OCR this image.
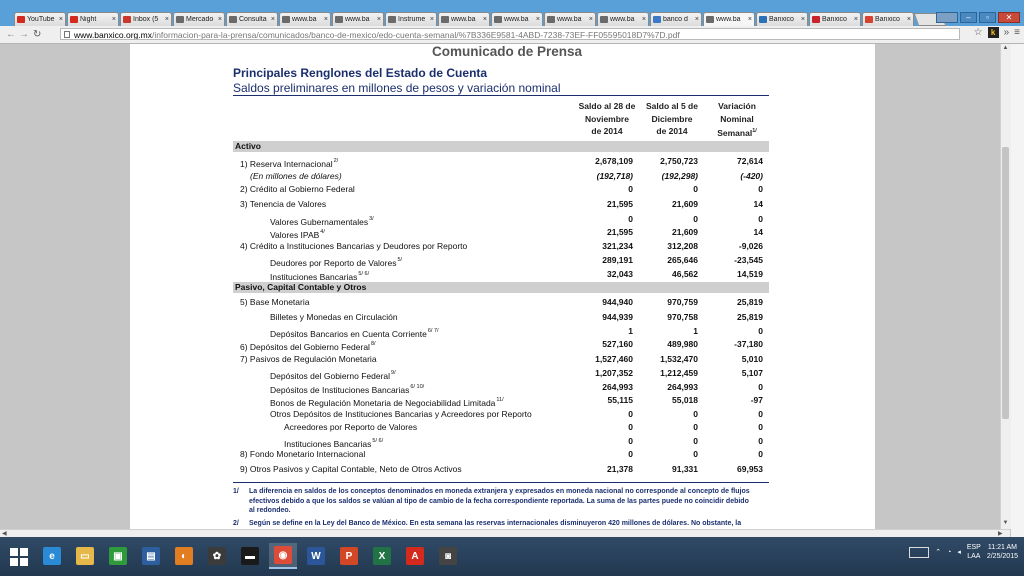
YouTube × Night	× Inbox (5 × Mercado × Consulta × www.ba	× www.ba	× Instrume × www.ba	× www.ba	× www.ba	× www.ba	× banco d × www.ba	× Banxico	× Banxico	× Banxico	×	–	▫	✕
← → ↻	www.banxico.org.mx/informacion-para-la-prensa/comunicados/banco-de-mexico/edo-cuenta-semanal/%7B336E9581-4ABD-7238-73EF-FF05595018D7%7D.pdf	☆	k » ≡
Comunicado de Prensa
Principales Renglones del Estado de Cuenta
Saldos preliminares en millones de pesos y variación nominal
Saldo al 28 de
Noviembre
de 2014
Saldo al 5 de
Diciembre
de 2014
Variación
Nominal
Semanal$^{1/}$
Activo
1) Reserva Internacional$^{2/}$	2,678,109	2,750,723	72,614
(En millones de dólares)	(192,718)	(192,298)	(-420)
2) Crédito al Gobierno Federal	0	0	0
3) Tenencia de Valores	21,595	21,609	14
Valores Gubernamentales$^{3/}$	0	0	0
Valores $IPAB^{4/}$	21,595	21,609	14
4) Crédito a Instituciones Bancarias y Deudores por Reporto	321,234	312,208	-9,026
Deudores por Reporto de Valores$^{5/}$	289,191	265,646	-23,545
Instituciones Bancarias$^{5/ 6/}$	32,043	46,562	14,519
Pasivo, Capital Contable y Otros
5) Base Monetaria	944,940	970,759	25,819
Billetes y Monedas en Circulación	944,939	970,758	25,819
Depósitos Bancarios en Cuenta Corriente$^{6/ 7/}$	1	1	0
6) Depósitos del Gobierno Federal$^{8/}$	527,160	489,980	-37,180
7) Pasivos de Regulación Monetaria	1,527,460	1,532,470	5,010
Depósitos del Gobierno Federal$^{9/}$	1,207,352	1,212,459	5,107
Depósitos de Instituciones Bancarias$^{6/ 10/}$	264,993	264,993	0
Bonos de Regulación Monetaria de Negociabilidad Limitada$^{11/}$	55,115	55,018	-97
Otros Depósitos de Instituciones Bancarias y Acreedores por Reporto	0	0	0
Acreedores por Reporto de Valores	0	0	0
Instituciones Bancarias$^{5/ 6/}$	0	0	0
8) Fondo Monetario Internacional	0	0	0
9) Otros Pasivos y Capital Contable, Neto de Otros Activos	21,378	91,331	69,953
1/ La diferencia en saldos de los conceptos denominados en moneda extranjera y expresados en moneda nacional no corresponde al concepto de flujos
efectivos debido a que los saldos se valúan al tipo de cambio de la fecha correspondiente reportada. La suma de las partes puede no coincidir debido
al redondeo.
2/ Según se define en la Ley del Banco de México. En esta semana las reservas internacionales disminuyeron 420 millones de dólares. No obstante, la
▲
▼
◀	▶
e	▭	▣	▤	◐	✿	▬	◉	W	P	X	A	◙	⌃ ◔ ◂
ESP
LAA
11:21 AM
2/25/2015
